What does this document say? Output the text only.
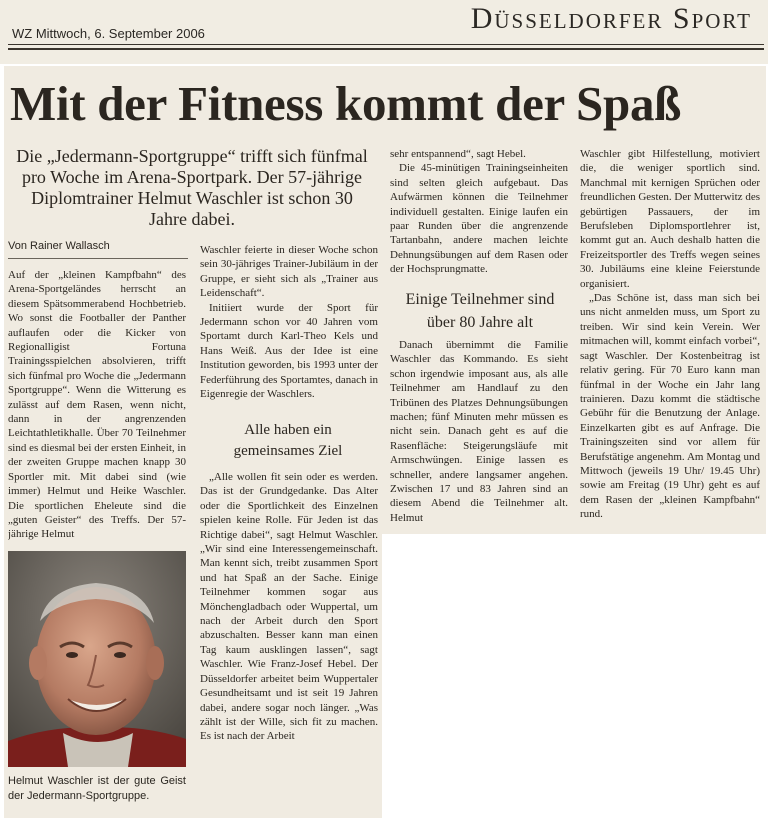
WZ Mittwoch, 6. September 2006	Düsseldorfer Sport
Mit der Fitness kommt der Spaß
Die „Jedermann-Sportgruppe“ trifft sich fünfmal pro Woche im Arena-Sportpark. Der 57-jährige Diplomtrainer Helmut Waschler ist schon 30 Jahre dabei.
Von Rainer Wallasch

Auf der „kleinen Kampfbahn“ des Arena-Sportgeländes herrscht an diesem Spätsommerabend Hochbetrieb. Wo sonst die Footballer der Panther auflaufen oder die Kicker von Regionalligist Fortuna Trainingsspielchen absolvieren, trifft sich fünfmal pro Woche die „Jedermann Sportgruppe“. Wenn die Witterung es zulässt auf dem Rasen, wenn nicht, dann in der angrenzenden Leichtathletikhalle. Über 70 Teilnehmer sind es diesmal bei der ersten Einheit, in der zweiten Gruppe machen knapp 30 Sportler mit. Mit dabei sind (wie immer) Helmut und Heike Waschler. Die sportlichen Eheleute sind die „guten Geister“ des Treffs. Der 57-jährige Helmut

Helmut Waschler ist der gute Geist der Jedermann-Sportgruppe.

Waschler feierte in dieser Woche schon sein 30-jähriges Trainer-Jubiläum in der Gruppe, er sieht sich als „Trainer aus Leidenschaft“.

Initiiert wurde der Sport für Jedermann schon vor 40 Jahren vom Sportamt durch Karl-Theo Kels und Hans Weiß. Aus der Idee ist eine Institution geworden, bis 1993 unter der Federführung des Sportamtes, danach in Eigenregie der Waschlers.

Alle haben ein gemeinsames Ziel

„Alle wollen fit sein oder es werden. Das ist der Grundgedanke. Das Alter oder die Sportlichkeit des Einzelnen spielen keine Rolle. Für Jeden ist das Richtige dabei“, sagt Helmut Waschler. „Wir sind eine Interessengemeinschaft. Man kennt sich, treibt zusammen Sport und hat Spaß an der Sache. Einige Teilnehmer kommen sogar aus Mönchengladbach oder Wuppertal, um nach der Arbeit durch den Sport abzuschalten. Besser kann man einen Tag kaum ausklingen lassen“, sagt Waschler. Wie Franz-Josef Hebel. Der Düsseldorfer arbeitet beim Wuppertaler Gesundheitsamt und ist seit 19 Jahren dabei, andere sogar noch länger. „Was zählt ist der Wille, sich fit zu machen. Es ist nach der Arbeit

sehr entspannend“, sagt Hebel.

Die 45-minütigen Trainingseinheiten sind selten gleich aufgebaut. Das Aufwärmen können die Teilnehmer individuell gestalten. Einige laufen ein paar Runden über die angrenzende Tartanbahn, andere machen leichte Dehnungsübungen auf dem Rasen oder der Hochsprungmatte.

Einige Teilnehmer sind über 80 Jahre alt

Danach übernimmt die Familie Waschler das Kommando. Es sieht schon irgendwie imposant aus, als alle Teilnehmer am Handlauf zu den Tribünen des Platzes Dehnungsübungen machen; fünf Minuten mehr müssen es nicht sein. Danach geht es auf die Rasenfläche: Steigerungsläufe mit Armschwüngen. Einige lassen es schneller, andere langsamer angehen. Zwischen 17 und 83 Jahren sind an diesem Abend die Teilnehmer alt. Helmut

Waschler gibt Hilfestellung, motiviert die, die weniger sportlich sind. Manchmal mit kernigen Sprüchen oder freundlichen Gesten. Der Mutterwitz des gebürtigen Passauers, der im Berufsleben Diplomsportlehrer ist, kommt gut an. Auch deshalb hatten die Freizeitsportler des Treffs wegen seines 30. Jubiläums eine kleine Feierstunde organisiert.

„Das Schöne ist, dass man sich bei uns nicht anmelden muss, um Sport zu treiben. Wir sind kein Verein. Wer mitmachen will, kommt einfach vorbei“, sagt Waschler. Der Kostenbeitrag ist relativ gering. Für 70 Euro kann man fünfmal in der Woche ein Jahr lang trainieren. Dazu kommt die städtische Gebühr für die Benutzung der Anlage. Einzelkarten gibt es auf Anfrage. Die Trainingszeiten sind vor allem für Berufstätige angenehm. Am Montag und Mittwoch (jeweils 19 Uhr/ 19.45 Uhr) sowie am Freitag (19 Uhr) geht es auf dem Rasen der „kleinen Kampfbahn“ rund.
